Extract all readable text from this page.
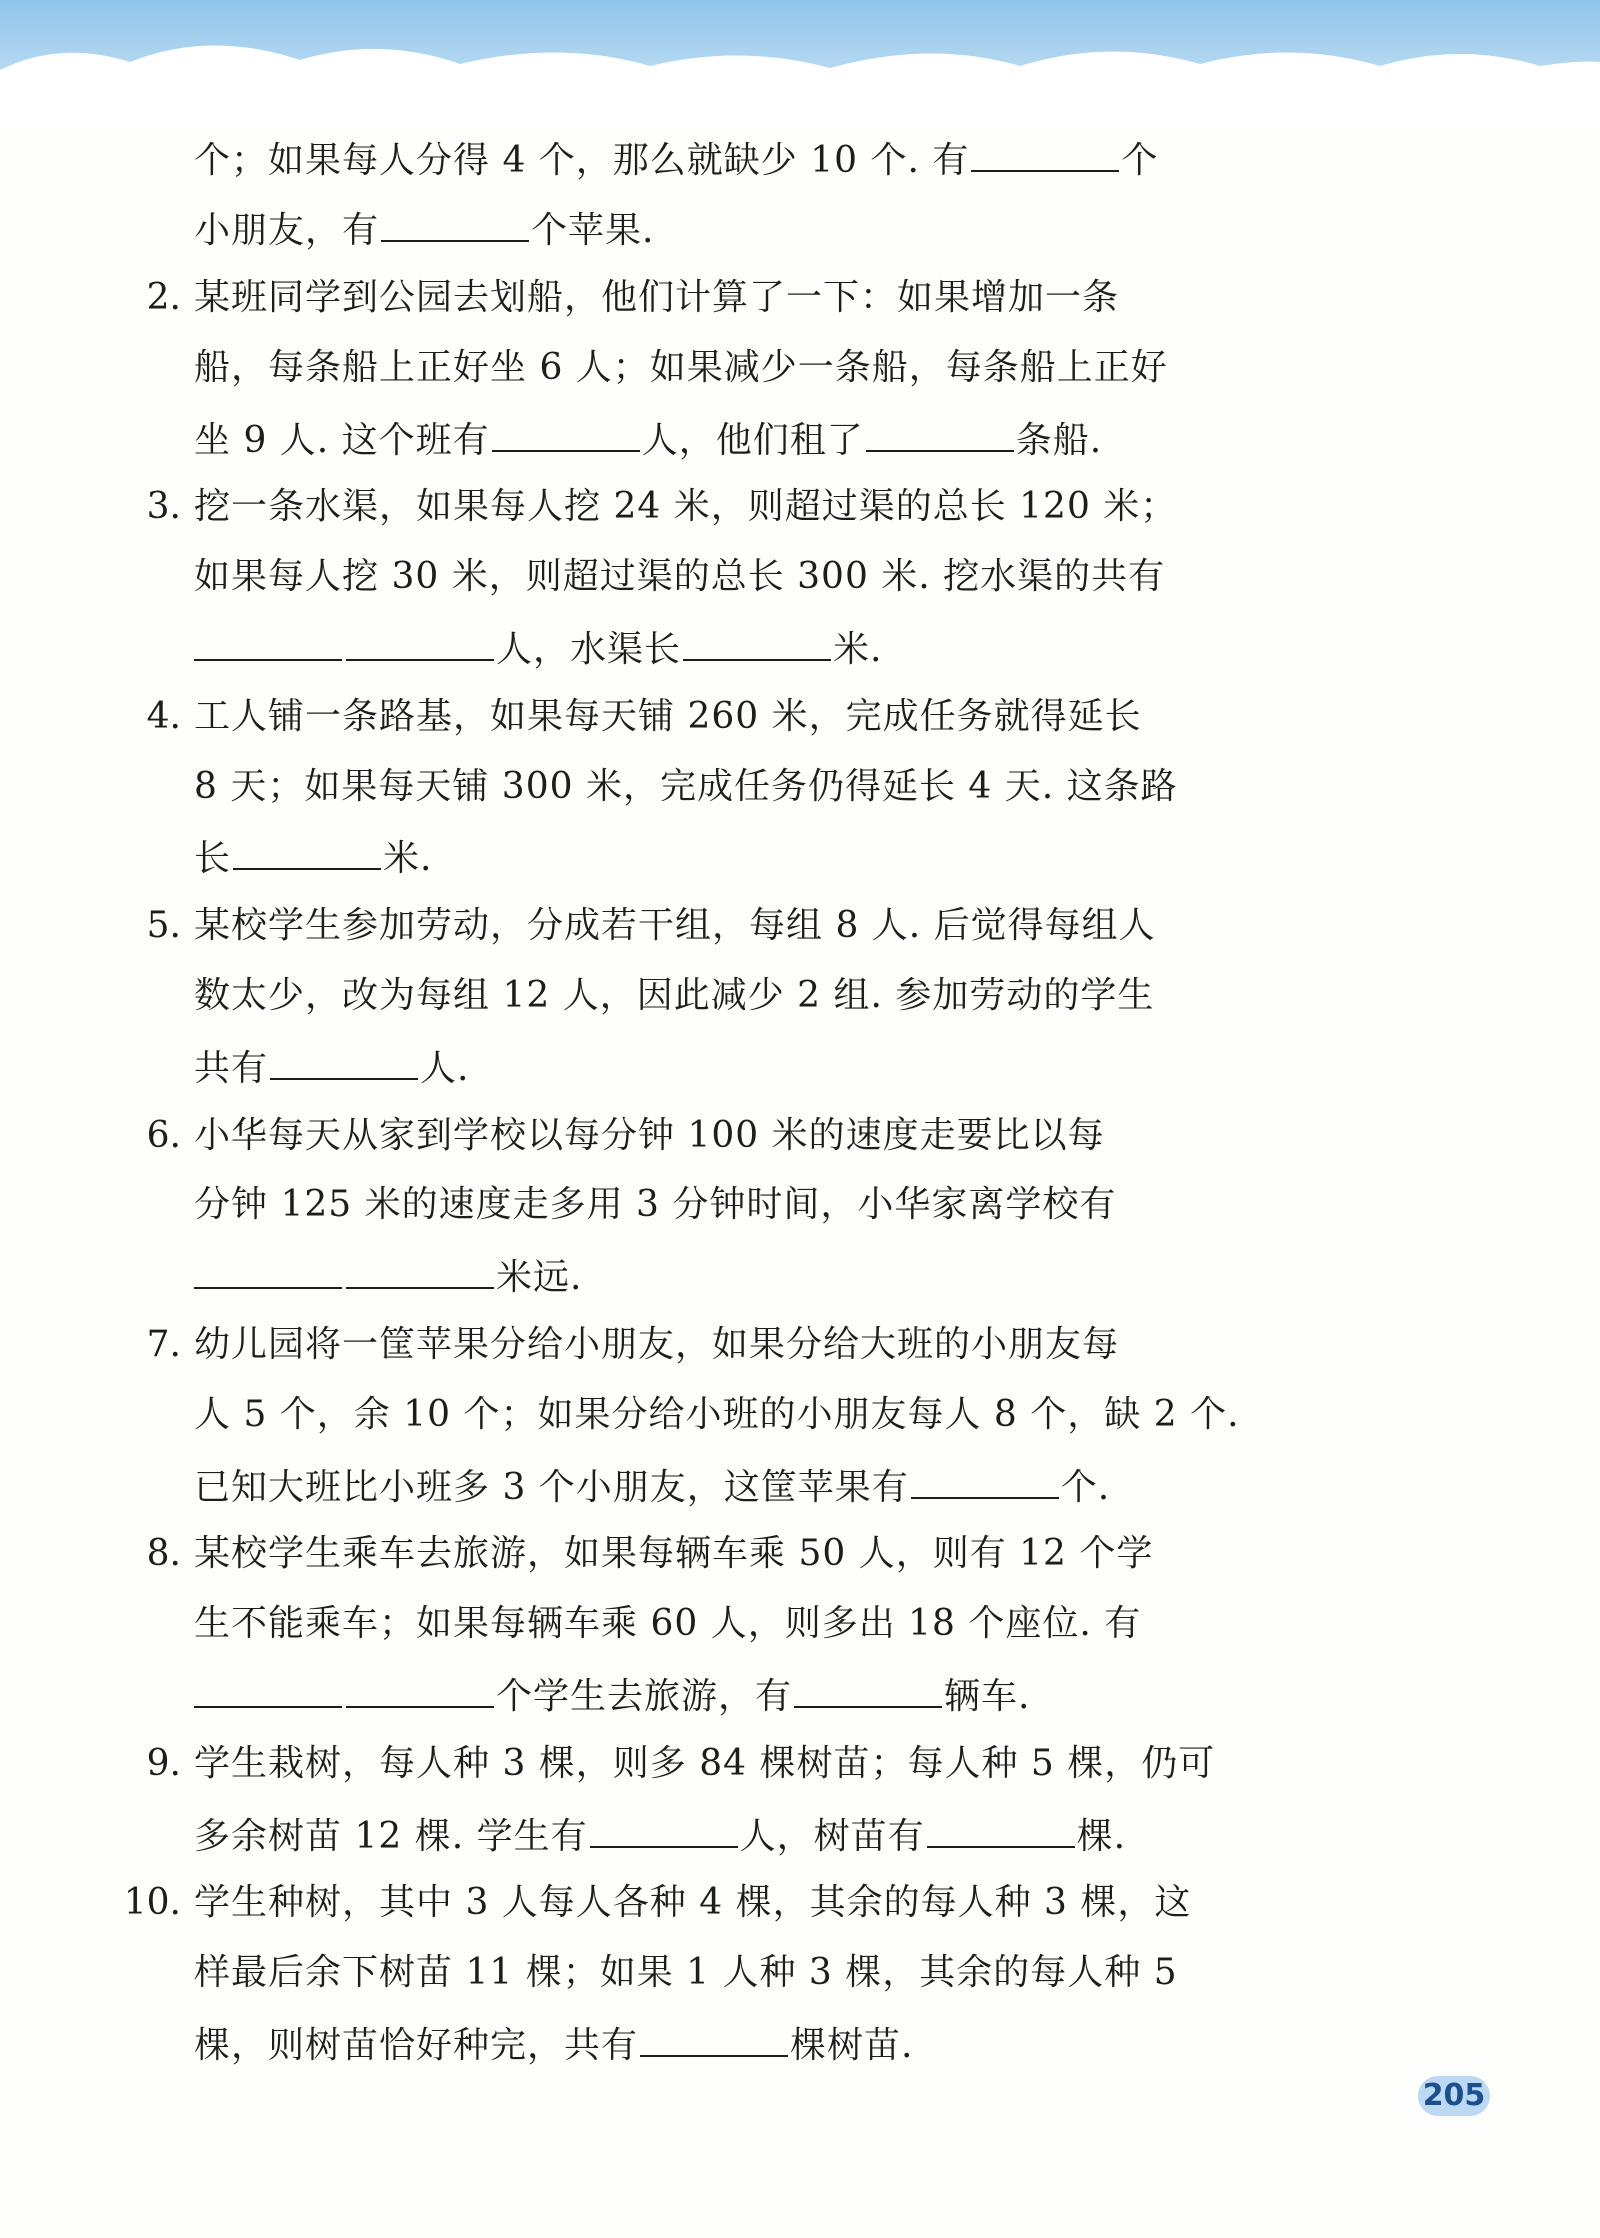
个；如果每人分得 4 个，那么就缺少 10 个. 有	个
小朋友，有	个苹果.
2. 某班同学到公园去划船，他们计算了一下：如果增加一条
船，每条船上正好坐 6 人；如果减少一条船，每条船上正好
坐 9 人. 这个班有	人，他们租了	条船.
3. 挖一条水渠，如果每人挖 24 米，则超过渠的总长 120 米；
如果每人挖 30 米，则超过渠的总长 300 米. 挖水渠的共有
人，水渠长	米.
4. 工人铺一条路基，如果每天铺 260 米，完成任务就得延长
8 天；如果每天铺 300 米，完成任务仍得延长 4 天. 这条路
长	米.
5. 某校学生参加劳动，分成若干组，每组 8 人. 后觉得每组人
数太少，改为每组 12 人，因此减少 2 组. 参加劳动的学生
共有	人.
6. 小华每天从家到学校以每分钟 100 米的速度走要比以每
分钟 125 米的速度走多用 3 分钟时间，小华家离学校有
米远.
7. 幼儿园将一筐苹果分给小朋友，如果分给大班的小朋友每
人 5 个，余 10 个；如果分给小班的小朋友每人 8 个，缺 2 个.
已知大班比小班多 3 个小朋友，这筐苹果有	个.
8. 某校学生乘车去旅游，如果每辆车乘 50 人，则有 12 个学
生不能乘车；如果每辆车乘 60 人，则多出 18 个座位. 有
个学生去旅游，有	辆车.
9. 学生栽树，每人种 3 棵，则多 84 棵树苗；每人种 5 棵，仍可
多余树苗 12 棵. 学生有	人，树苗有	棵.
10. 学生种树，其中 3 人每人各种 4 棵，其余的每人种 3 棵，这
样最后余下树苗 11 棵；如果 1 人种 3 棵，其余的每人种 5
棵，则树苗恰好种完，共有	棵树苗.
205
